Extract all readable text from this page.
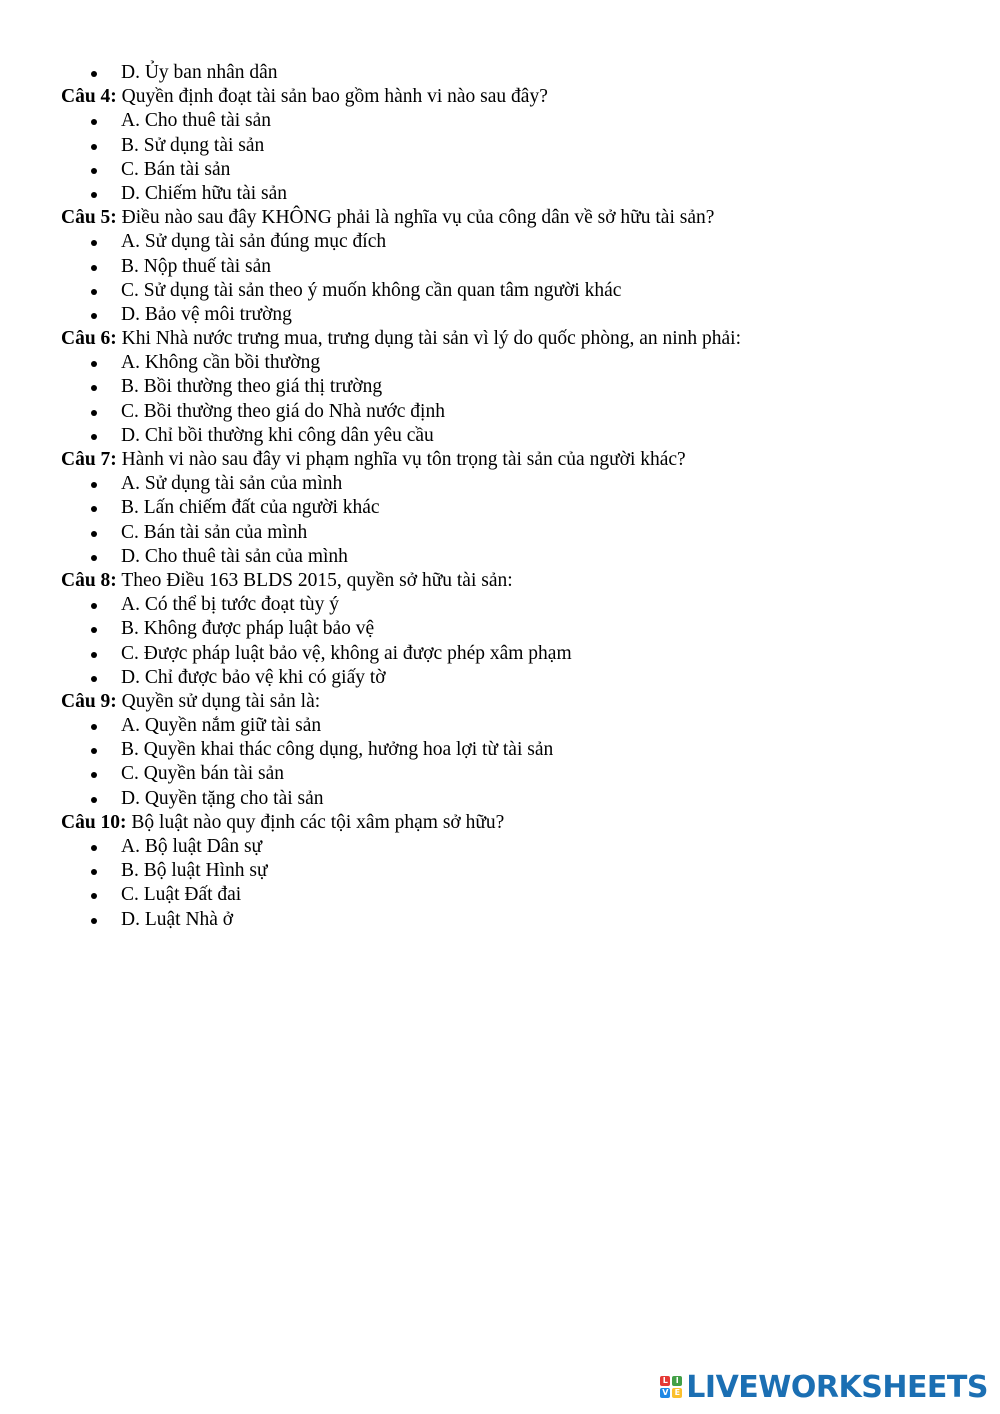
D. Ủy ban nhân dân
Câu 4: Quyền định đoạt tài sản bao gồm hành vi nào sau đây?
A. Cho thuê tài sản
B. Sử dụng tài sản
C. Bán tài sản
D. Chiếm hữu tài sản
Câu 5: Điều nào sau đây KHÔNG phải là nghĩa vụ của công dân về sở hữu tài sản?
A. Sử dụng tài sản đúng mục đích
B. Nộp thuế tài sản
C. Sử dụng tài sản theo ý muốn không cần quan tâm người khác
D. Bảo vệ môi trường
Câu 6: Khi Nhà nước trưng mua, trưng dụng tài sản vì lý do quốc phòng, an ninh phải:
A. Không cần bồi thường
B. Bồi thường theo giá thị trường
C. Bồi thường theo giá do Nhà nước định
D. Chỉ bồi thường khi công dân yêu cầu
Câu 7: Hành vi nào sau đây vi phạm nghĩa vụ tôn trọng tài sản của người khác?
A. Sử dụng tài sản của mình
B. Lấn chiếm đất của người khác
C. Bán tài sản của mình
D. Cho thuê tài sản của mình
Câu 8: Theo Điều 163 BLDS 2015, quyền sở hữu tài sản:
A. Có thể bị tước đoạt tùy ý
B. Không được pháp luật bảo vệ
C. Được pháp luật bảo vệ, không ai được phép xâm phạm
D. Chỉ được bảo vệ khi có giấy tờ
Câu 9: Quyền sử dụng tài sản là:
A. Quyền nắm giữ tài sản
B. Quyền khai thác công dụng, hưởng hoa lợi từ tài sản
C. Quyền bán tài sản
D. Quyền tặng cho tài sản
Câu 10: Bộ luật nào quy định các tội xâm phạm sở hữu?
A. Bộ luật Dân sự
B. Bộ luật Hình sự
C. Luật Đất đai
D. Luật Nhà ở
L I
V E LIVEWORKSHEETS
